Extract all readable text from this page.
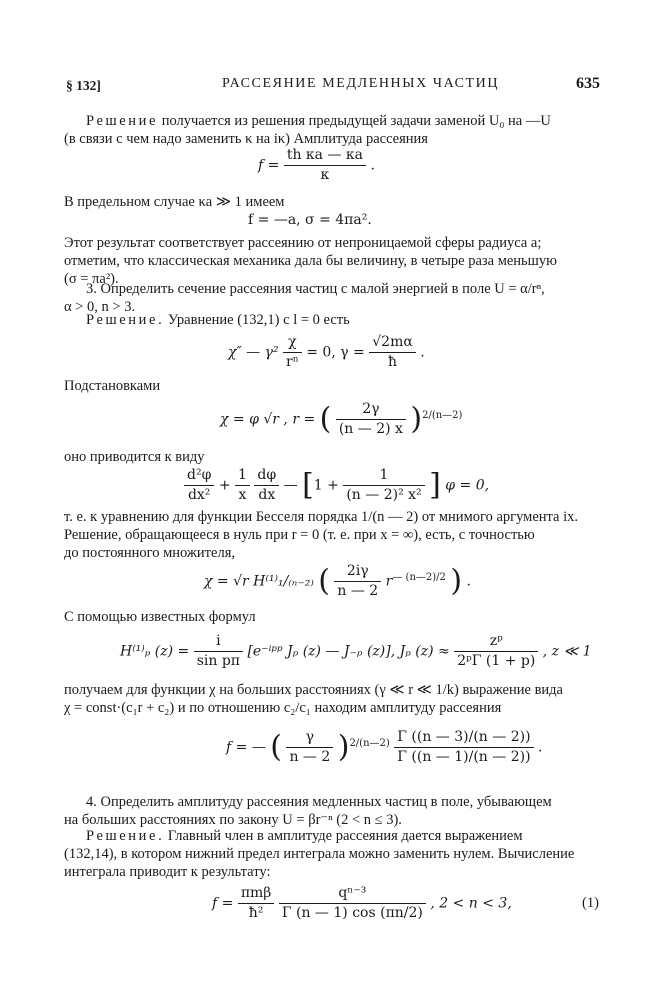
§ 132]	РАССЕЯНИЕ МЕДЛЕННЫХ ЧАСТИЦ	635
Решение получается из решения предыдущей задачи заменой U₀ на —U
(в связи с чем надо заменить κ на iκ) Амплитуда рассеяния
$f = \frac{\text{th κa — κa}}{\kappa}$ .
В предельном случае κa ≫ 1 имеем
f = —a, σ = 4πa².
Этот результат соответствует рассеянию от непроницаемой сферы радиуса a;
отметим, что классическая механика дала бы величину, в четыре раза меньшую
(σ = πa²).
3. Определить сечение рассеяния частиц с малой энергией в поле U = α/rⁿ,
α > 0, n > 3.
Решение. Уравнение (132,1) с l = 0 есть
χ″ — $\gamma^2 \frac{\chi}{\text{rⁿ}} = 0$, $\gamma = \frac{√2m\alpha}{ħ}$ .
Подстановками
χ = φ √r , r = ( $\frac{2\gamma}{(n — 2) x} )^{2/(n—2)}$
оно приводится к виду
$\frac{\text{d²φ}}{\text{dx²}} + \frac{1}{x}$
$\frac{d\varphi}{dx}$ — [$1 + \frac{1}{\text{(n — 2)² x²}}$ ] φ = 0,
т. е. к уравнению для функции Бесселя порядка 1/(n — 2) от мнимого аргумента ix.
Решение, обращающееся в нуль при r = 0 (т. е. при x = ∞), есть, с точностью
до постоянного множителя,
χ = √r H⁽¹⁾₁/₍ₙ₋₂₎ ( $\frac{2i\gamma}{n — 2} r^{— (n—2)/2}$ ) .
С помощью известных формул
H⁽¹⁾ₚ $(z) = \frac{i}{\text{sin pπ}}$ [e⁻ⁱᵖᵖ Jₚ (z) — J₋ₚ (z)], Jₚ $(z) \approx \frac{\text{zᵖ}}{\text{2ᵖΓ (1 + p)}}$ , z ≪ 1
получаем для функции χ на больших расстояниях (γ ≪ r ≪ 1/k) выражение вида
χ = const·(c₁r + c₂) и по отношению c₂/c₁ находим амплитуду рассеяния
f = — ( $\frac{\gamma}{n — 2} )^{2/(n—2)} \frac{\Gamma ((n — 3)/(n — 2))}{\Gamma ((n — 1)/(n — 2))}$ .
4. Определить амплитуду рассеяния медленных частиц в поле, убывающем
на больших расстояниях по закону U = βr⁻ⁿ (2 < n ≤ 3).
Решение. Главный член в амплитуде рассеяния дается выражением
(132,14), в котором нижний предел интеграла можно заменить нулем. Вычисление
интеграла приводит к результату:
$f = \frac{\text{πmβ}}{\text{ħ²}}$
$\frac{\text{qⁿ⁻³}}{\Gamma (n — 1) \cos (\pi n/2)}$ , 2 < n < 3,	(1)
